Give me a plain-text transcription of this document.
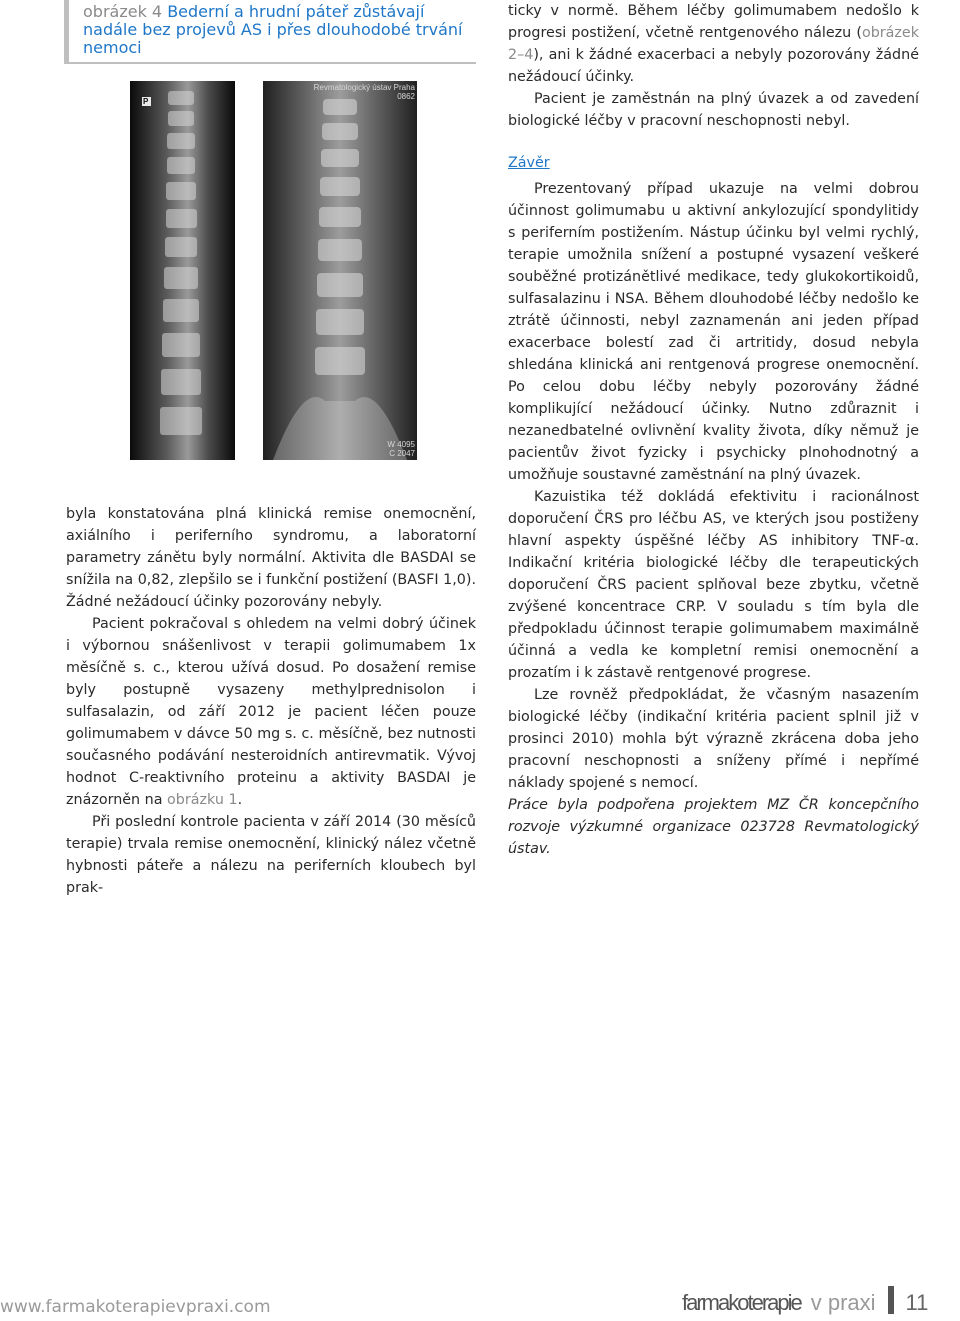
obrázek 4 Bederní a hrudní páteř zůstávají nadále bez projevů AS i přes dlouhodobé trvání nemoci
P
Revmatologický ústav Praha
0862
W 4095
C 2047

byla konstatována plná klinická remise onemocnění, axiálního i periferního syndromu, a laboratorní parametry zánětu byly normální. Aktivita dle BASDAI se snížila na 0,82, zlepšilo se i funkční postižení (BASFI 1,0). Žádné nežádoucí účinky pozorovány nebyly.

Pacient pokračoval s ohledem na velmi dobrý účinek i výbornou snášenlivost v terapii golimumabem 1x měsíčně s. c., kterou užívá dosud. Po dosažení remise byly postupně vysazeny methylprednisolon i sulfasalazin, od září 2012 je pacient léčen pouze golimumabem v dávce 50 mg s. c. měsíčně, bez nutnosti současného podávání nesteroidních antirevmatik. Vývoj hodnot C-reaktivního proteinu a aktivity BASDAI je znázorněn na obrázku 1.

Při poslední kontrole pacienta v září 2014 (30 měsíců terapie) trvala remise onemocnění, klinický nález včetně hybnosti páteře a nálezu na periferních kloubech byl prak-

ticky v normě. Během léčby golimumabem nedošlo k progresi postižení, včetně rentgenového nálezu (obrázek 2–4), ani k žádné exacerbaci a nebyly pozorovány žádné nežádoucí účinky.

Pacient je zaměstnán na plný úvazek a od zavedení biologické léčby v pracovní neschopnosti nebyl.

Závěr

Prezentovaný případ ukazuje na velmi dobrou účinnost golimumabu u aktivní ankylozující spondylitidy s periferním postižením. Nástup účinku byl velmi rychlý, terapie umožnila snížení a postupné vysazení veškeré souběžné protizánětlivé medikace, tedy glukokortikoidů, sulfasalazinu i NSA. Během dlouhodobé léčby nedošlo ke ztrátě účinnosti, nebyl zaznamenán ani jeden případ exacerbace bolestí zad či artritidy, dosud nebyla shledána klinická ani rentgenová progrese onemocnění. Po celou dobu léčby nebyly pozorovány žádné komplikující nežádoucí účinky. Nutno zdůraznit i nezanedbatelné ovlivnění kvality života, díky němuž je pacientův život fyzicky i psychicky plnohodnotný a umožňuje soustavné zaměstnání na plný úvazek.

Kazuistika též dokládá efektivitu i racionálnost doporučení ČRS pro léčbu AS, ve kterých jsou postiženy hlavní aspekty úspěšné léčby AS inhibitory TNF-α. Indikační kritéria biologické léčby dle terapeutických doporučení ČRS pacient splňoval beze zbytku, včetně zvýšené koncentrace CRP. V souladu s tím byla dle předpokladu účinnost terapie golimumabem maximálně účinná a vedla ke kompletní remisi onemocnění a prozatím i k zástavě rentgenové progrese.

Lze rovněž předpokládat, že včasným nasazením biologické léčby (indikační kritéria pacient splnil již v prosinci 2010) mohla být výrazně zkrácena doba jeho pracovní neschopnosti a sníženy přímé i nepřímé náklady spojené s nemocí.

Práce byla podpořena projektem MZ ČR koncepčního rozvoje výzkumné organizace 023728 Revmatologický ústav.

www.farmakoterapievpraxi.com	farmakoterapie v praxi 11
